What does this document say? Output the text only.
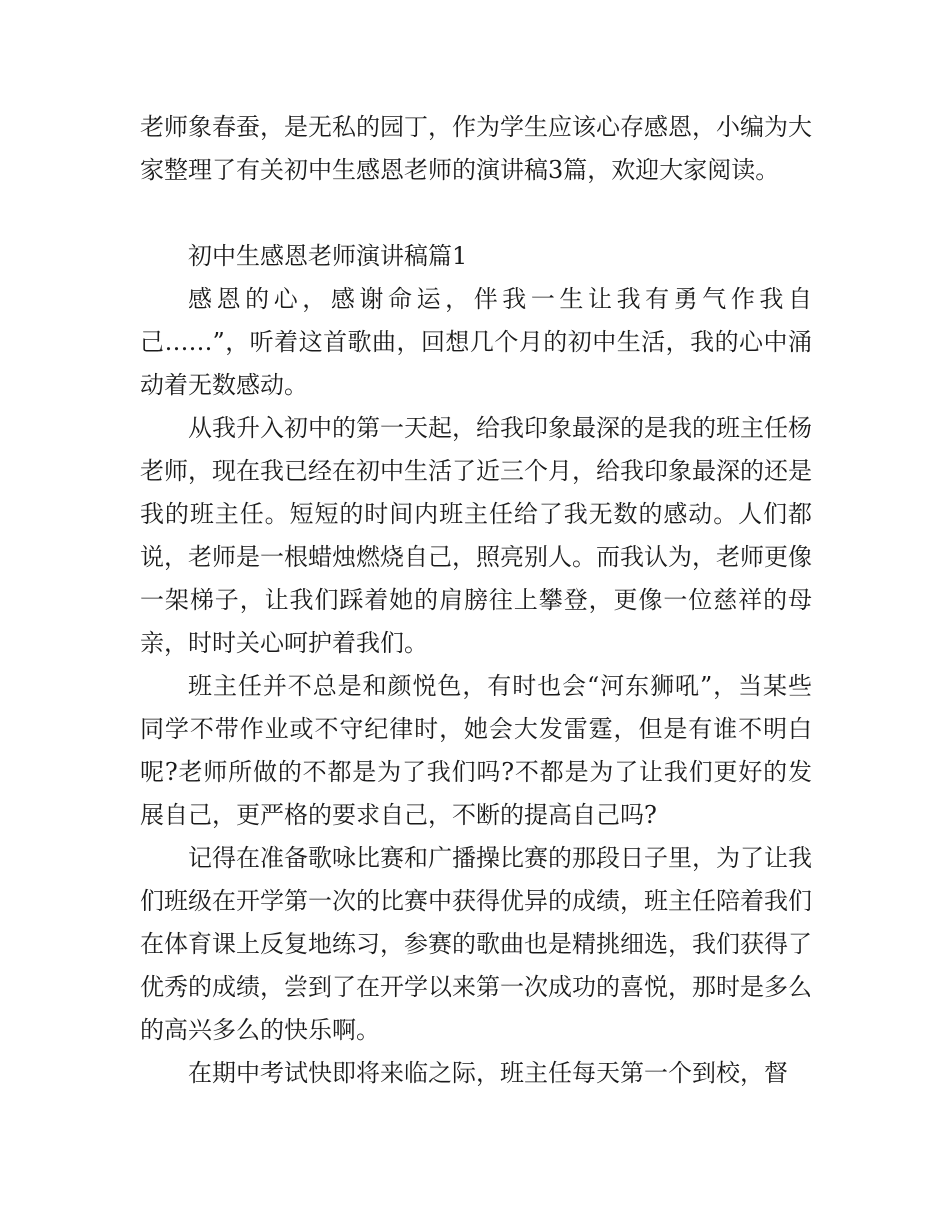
老师象春蚕，是无私的园丁，作为学生应该心存感恩，小编为大家整理了有关初中生感恩老师的演讲稿3篇，欢迎大家阅读。

初中生感恩老师演讲稿篇1

感恩的心，感谢命运，伴我一生让我有勇气作我自己……”，听着这首歌曲，回想几个月的初中生活，我的心中涌动着无数感动。

从我升入初中的第一天起，给我印象最深的是我的班主任杨老师，现在我已经在初中生活了近三个月，给我印象最深的还是我的班主任。短短的时间内班主任给了我无数的感动。人们都说，老师是一根蜡烛燃烧自己，照亮别人。而我认为，老师更像一架梯子，让我们踩着她的肩膀往上攀登，更像一位慈祥的母亲，时时关心呵护着我们。

班主任并不总是和颜悦色，有时也会“河东狮吼”，当某些同学不带作业或不守纪律时，她会大发雷霆，但是有谁不明白呢?老师所做的不都是为了我们吗?不都是为了让我们更好的发展自己，更严格的要求自己，不断的提高自己吗?

记得在准备歌咏比赛和广播操比赛的那段日子里，为了让我们班级在开学第一次的比赛中获得优异的成绩，班主任陪着我们在体育课上反复地练习，参赛的歌曲也是精挑细选，我们获得了优秀的成绩，尝到了在开学以来第一次成功的喜悦，那时是多么的高兴多么的快乐啊。

在期中考试快即将来临之际，班主任每天第一个到校，督
